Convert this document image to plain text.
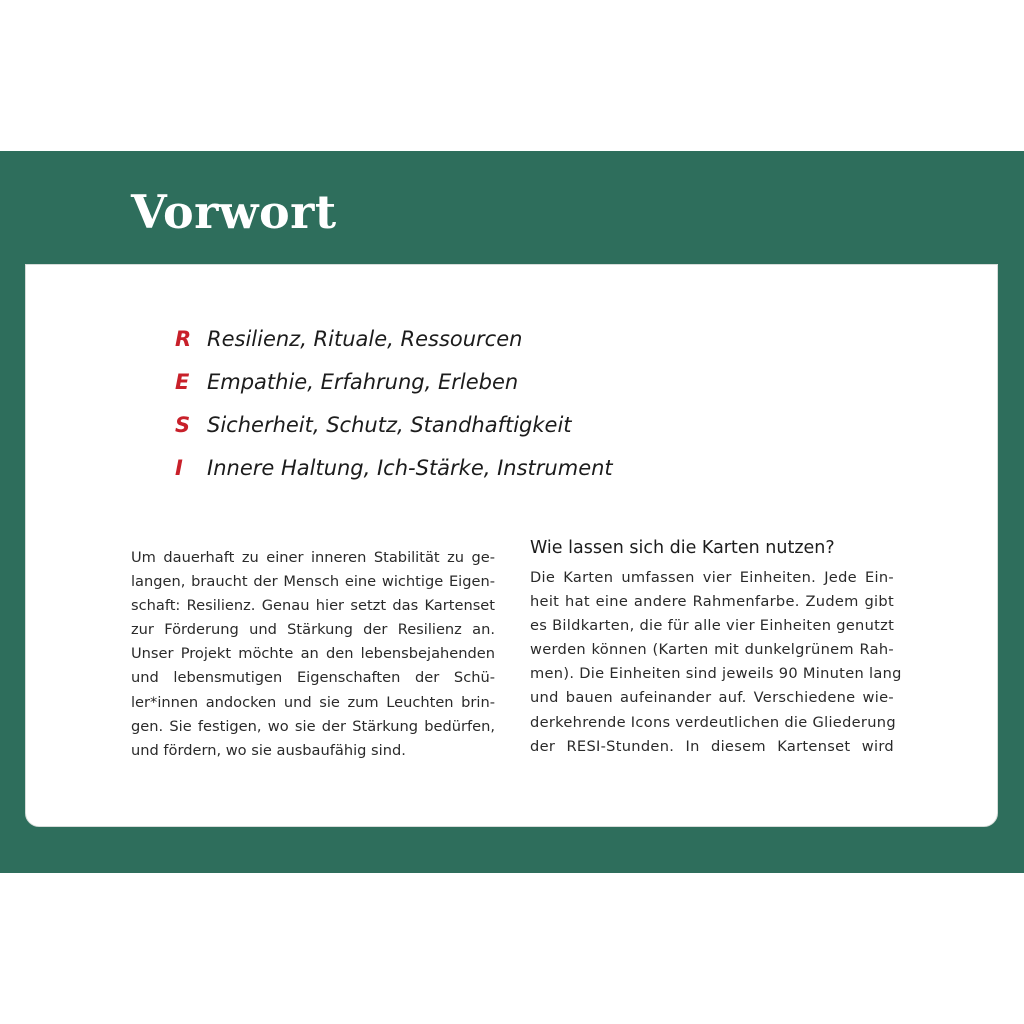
Vorwort
R Resilienz, Rituale, Ressourcen
E Empathie, Erfahrung, Erleben
S Sicherheit, Schutz, Standhaftigkeit
I	Innere Haltung, Ich-Stärke, Instrument
Um dauerhaft zu einer inneren Stabilität zu ge-
langen, braucht der Mensch eine wichtige Eigen-
schaft: Resilienz. Genau hier setzt das Kartenset
zur Förderung und Stärkung der Resilienz an.
Unser Projekt möchte an den lebensbejahenden
und lebensmutigen Eigenschaften der Schü-
ler*innen andocken und sie zum Leuchten brin-
gen. Sie festigen, wo sie der Stärkung bedürfen,
und fördern, wo sie ausbaufähig sind.
Wie lassen sich die Karten nutzen?
Die Karten umfassen vier Einheiten. Jede Ein-
heit hat eine andere Rahmenfarbe. Zudem gibt
es Bildkarten, die für alle vier Einheiten genutzt
werden können (Karten mit dunkelgrünem Rah-
men). Die Einheiten sind jeweils 90 Minuten lang
und bauen aufeinander auf. Verschiedene wie-
derkehrende Icons verdeutlichen die Gliederung
der RESI-Stunden. In diesem Kartenset wird
